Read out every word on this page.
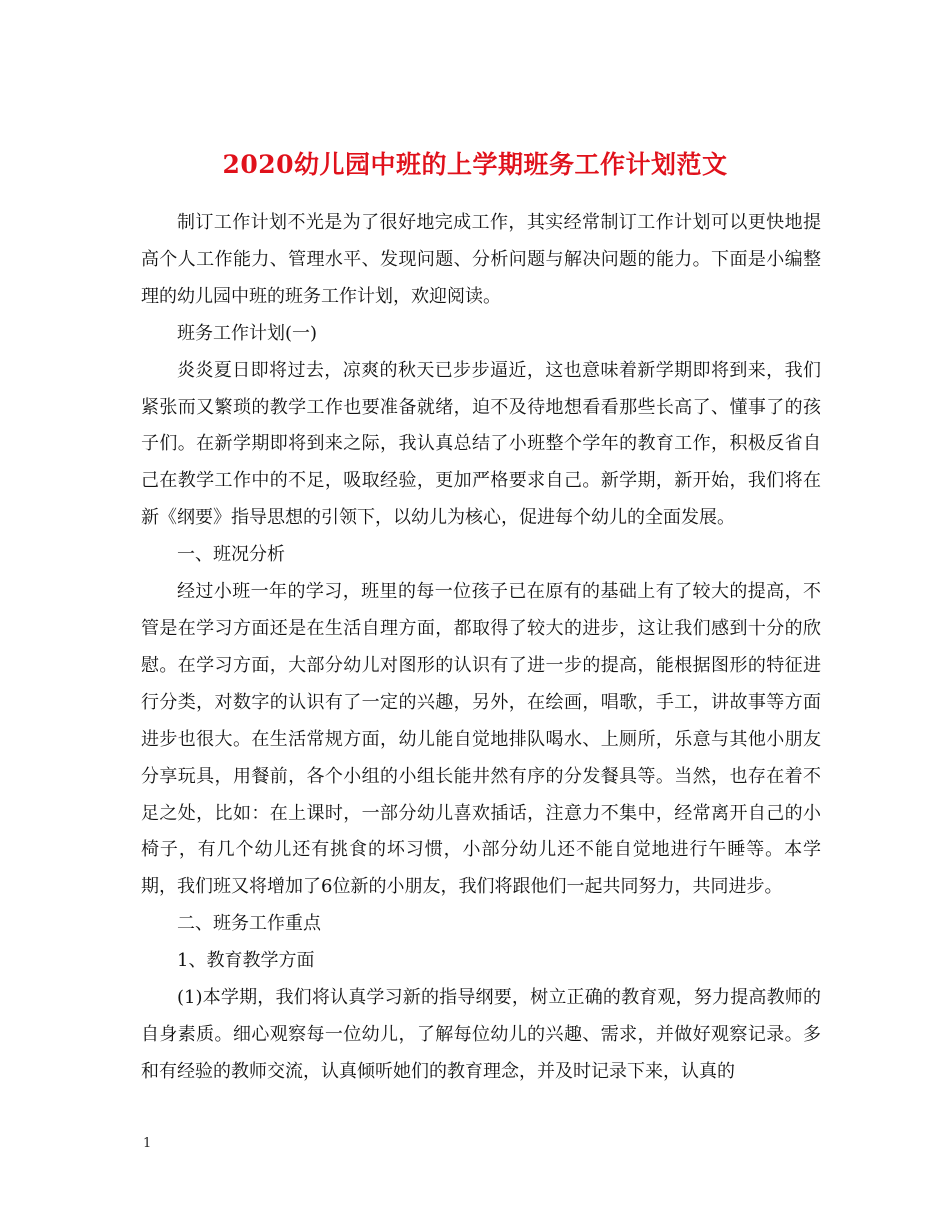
2020幼儿园中班的上学期班务工作计划范文

制订工作计划不光是为了很好地完成工作，其实经常制订工作计划可以更快地提高个人工作能力、管理水平、发现问题、分析问题与解决问题的能力。下面是小编整理的幼儿园中班的班务工作计划，欢迎阅读。

班务工作计划(一)

炎炎夏日即将过去，凉爽的秋天已步步逼近，这也意味着新学期即将到来，我们紧张而又繁琐的教学工作也要准备就绪，迫不及待地想看看那些长高了、懂事了的孩子们。在新学期即将到来之际，我认真总结了小班整个学年的教育工作，积极反省自己在教学工作中的不足，吸取经验，更加严格要求自己。新学期，新开始，我们将在新《纲要》指导思想的引领下，以幼儿为核心，促进每个幼儿的全面发展。

一、班况分析

经过小班一年的学习，班里的每一位孩子已在原有的基础上有了较大的提高，不管是在学习方面还是在生活自理方面，都取得了较大的进步，这让我们感到十分的欣慰。在学习方面，大部分幼儿对图形的认识有了进一步的提高，能根据图形的特征进行分类，对数字的认识有了一定的兴趣，另外，在绘画，唱歌，手工，讲故事等方面进步也很大。在生活常规方面，幼儿能自觉地排队喝水、上厕所，乐意与其他小朋友分享玩具，用餐前，各个小组的小组长能井然有序的分发餐具等。当然，也存在着不足之处，比如：在上课时，一部分幼儿喜欢插话，注意力不集中，经常离开自己的小椅子，有几个幼儿还有挑食的坏习惯，小部分幼儿还不能自觉地进行午睡等。本学期，我们班又将增加了6位新的小朋友，我们将跟他们一起共同努力，共同进步。

二、班务工作重点

1、教育教学方面

(1)本学期，我们将认真学习新的指导纲要，树立正确的教育观，努力提高教师的自身素质。细心观察每一位幼儿，了解每位幼儿的兴趣、需求，并做好观察记录。多和有经验的教师交流，认真倾听她们的教育理念，并及时记录下来，认真的

1
